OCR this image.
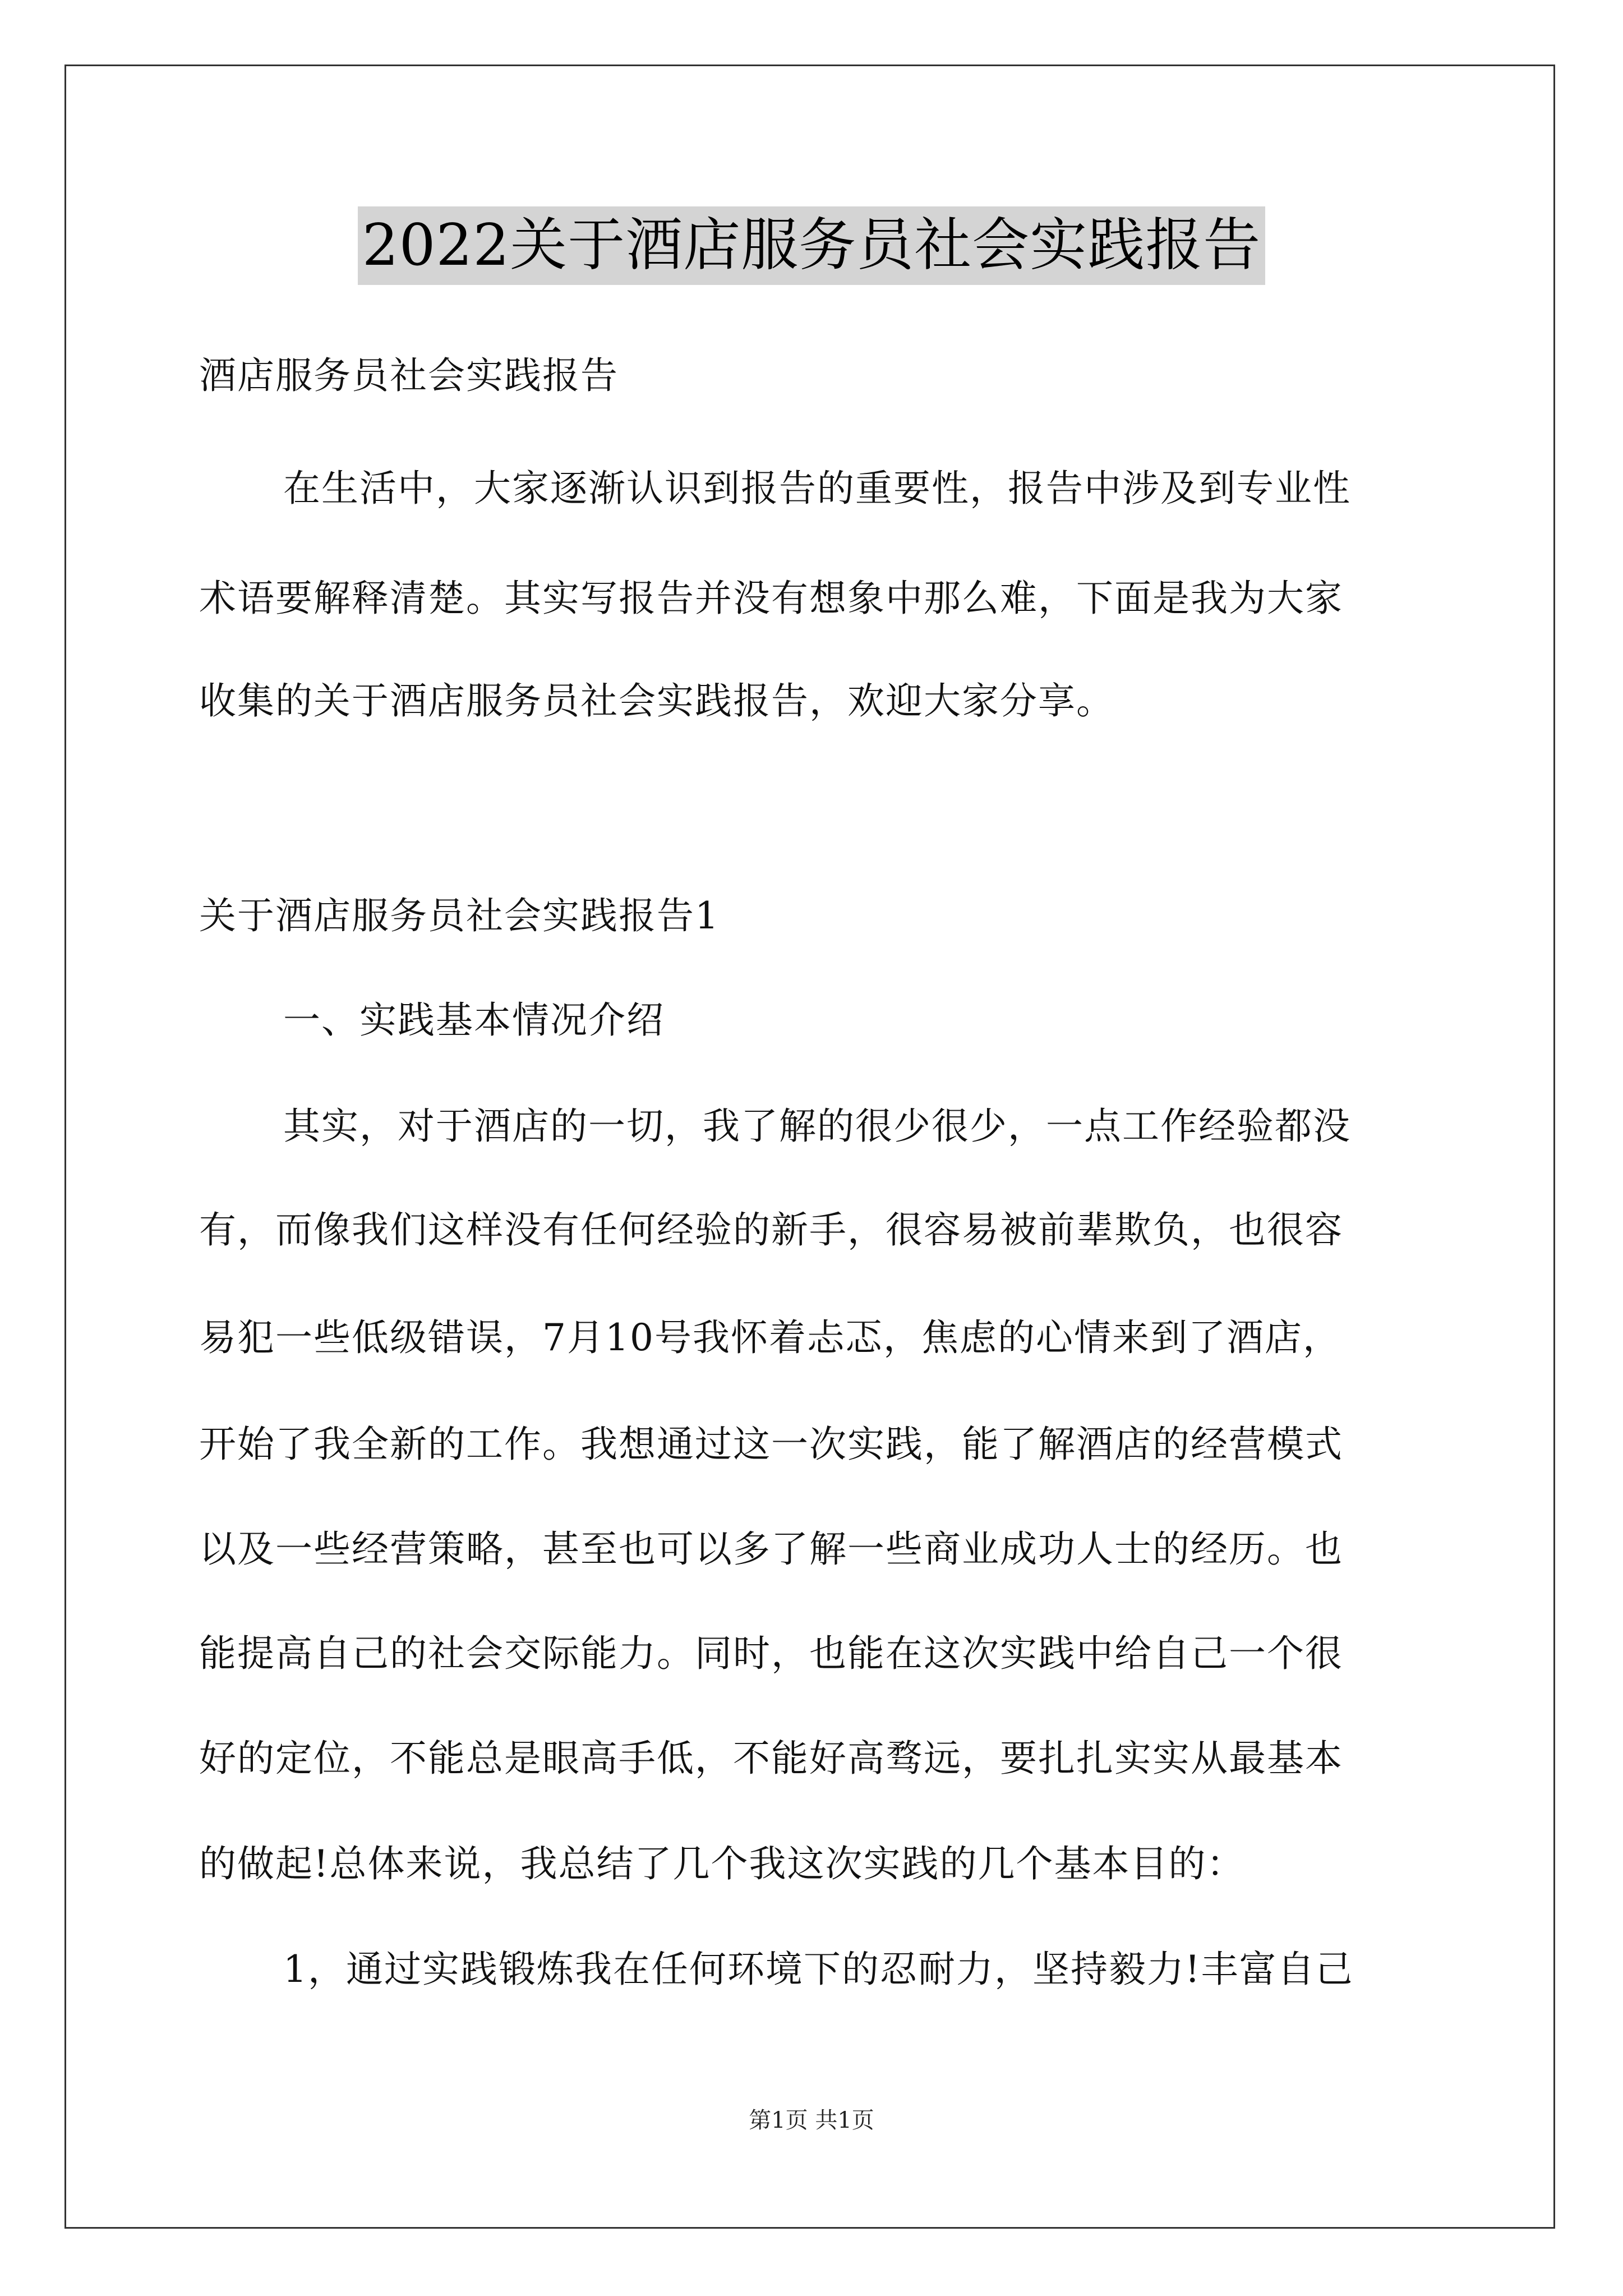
2022关于酒店服务员社会实践报告
酒店服务员社会实践报告
在生活中，大家逐渐认识到报告的重要性，报告中涉及到专业性
术语要解释清楚。其实写报告并没有想象中那么难，下面是我为大家
收集的关于酒店服务员社会实践报告，欢迎大家分享。
关于酒店服务员社会实践报告1
一、实践基本情况介绍
其实，对于酒店的一切，我了解的很少很少，一点工作经验都没
有，而像我们这样没有任何经验的新手，很容易被前辈欺负，也很容
易犯一些低级错误，7月10号我怀着忐忑，焦虑的心情来到了酒店，
开始了我全新的工作。我想通过这一次实践，能了解酒店的经营模式
以及一些经营策略，甚至也可以多了解一些商业成功人士的经历。也
能提高自己的社会交际能力。同时，也能在这次实践中给自己一个很
好的定位，不能总是眼高手低，不能好高骛远，要扎扎实实从最基本
的做起!总体来说，我总结了几个我这次实践的几个基本目的：
1，通过实践锻炼我在任何环境下的忍耐力，坚持毅力!丰富自己
第1页 共1页
